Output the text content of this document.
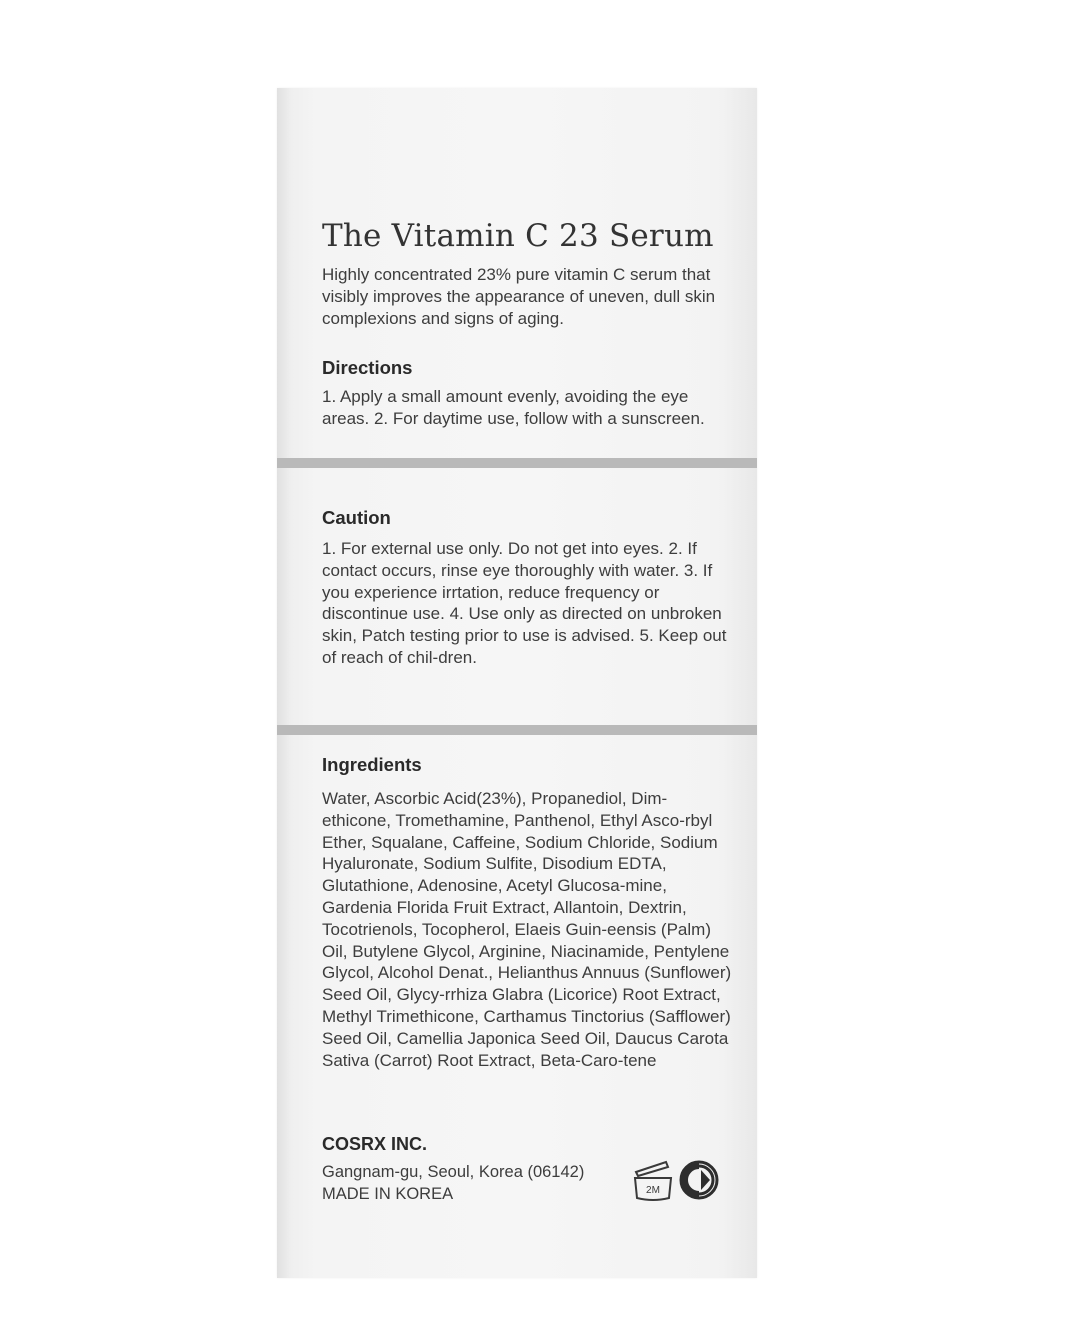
The Vitamin C 23 Serum

Highly concentrated 23% pure vitamin C serum that visibly improves the appearance of uneven, dull skin complexions and signs of aging.

Directions

1. Apply a small amount evenly, avoiding the eye areas. 2. For daytime use, follow with a sunscreen.

Caution

1. For external use only. Do not get into eyes. 2. If contact occurs, rinse eye thoroughly with water. 3. If you experience irrtation, reduce frequency or discontinue use. 4. Use only as directed on unbroken skin, Patch testing prior to use is advised. 5. Keep out of reach of chil-dren.

Ingredients

Water, Ascorbic Acid(23%), Propanediol, Dim-ethicone, Tromethamine, Panthenol, Ethyl Asco-rbyl Ether, Squalane, Caffeine, Sodium Chloride, Sodium Hyaluronate, Sodium Sulfite, Disodium EDTA, Glutathione, Adenosine, Acetyl Glucosa-mine, Gardenia Florida Fruit Extract, Allantoin, Dextrin, Tocotrienols, Tocopherol, Elaeis Guin-eensis (Palm) Oil, Butylene Glycol, Arginine, Niacinamide, Pentylene Glycol, Alcohol Denat., Helianthus Annuus (Sunflower) Seed Oil, Glycy-rrhiza Glabra (Licorice) Root Extract, Methyl Trimethicone, Carthamus Tinctorius (Safflower) Seed Oil, Camellia Japonica Seed Oil, Daucus Carota Sativa (Carrot) Root Extract, Beta-Caro-tene

COSRX INC.

Gangnam-gu, Seoul, Korea (06142)

MADE IN KOREA	2M
